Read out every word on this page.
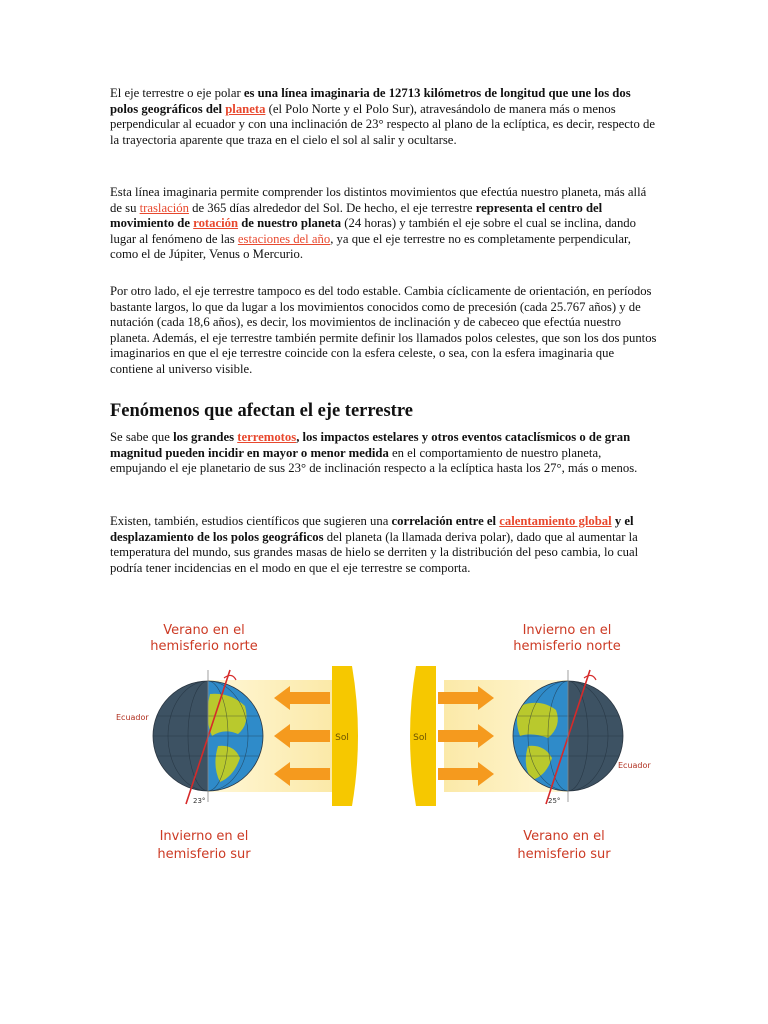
El eje terrestre o eje polar es una línea imaginaria de 12713 kilómetros de longitud que une los dos polos geográficos del planeta (el Polo Norte y el Polo Sur), atravesándolo de manera más o menos perpendicular al ecuador y con una inclinación de 23° respecto al plano de la eclíptica, es decir, respecto de la trayectoria aparente que traza en el cielo el sol al salir y ocultarse.

Esta línea imaginaria permite comprender los distintos movimientos que efectúa nuestro planeta, más allá de su traslación de 365 días alrededor del Sol. De hecho, el eje terrestre representa el centro del movimiento de rotación de nuestro planeta (24 horas) y también el eje sobre el cual se inclina, dando lugar al fenómeno de las estaciones del año, ya que el eje terrestre no es completamente perpendicular, como el de Júpiter, Venus o Mercurio.

Por otro lado, el eje terrestre tampoco es del todo estable. Cambia cíclicamente de orientación, en períodos bastante largos, lo que da lugar a los movimientos conocidos como de precesión (cada 25.767 años) y de nutación (cada 18,6 años), es decir, los movimientos de inclinación y de cabeceo que efectúa nuestro planeta. Además, el eje terrestre también permite definir los llamados polos celestes, que son los dos puntos imaginarios en que el eje terrestre coincide con la esfera celeste, o sea, con la esfera imaginaria que contiene al universo visible.

Fenómenos que afectan el eje terrestre

Se sabe que los grandes terremotos, los impactos estelares y otros eventos cataclísmicos o de gran magnitud pueden incidir en mayor o menor medida en el comportamiento de nuestro planeta, empujando el eje planetario de sus 23° de inclinación respecto a la eclíptica hasta los 27°, más o menos.

Existen, también, estudios científicos que sugieren una correlación entre el calentamiento global y el desplazamiento de los polos geográficos del planeta (la llamada deriva polar), dado que al aumentar la temperatura del mundo, sus grandes masas de hielo se derriten y la distribución del peso cambia, lo cual podría tener incidencias en el modo en que el eje terrestre se comporta.

Sol	Sol
Ecuador
23°
Ecuador
25°
Verano en el
hemisferio norte
Invierno en el
hemisferio sur
Invierno en el
hemisferio norte
Verano en el
hemisferio sur
